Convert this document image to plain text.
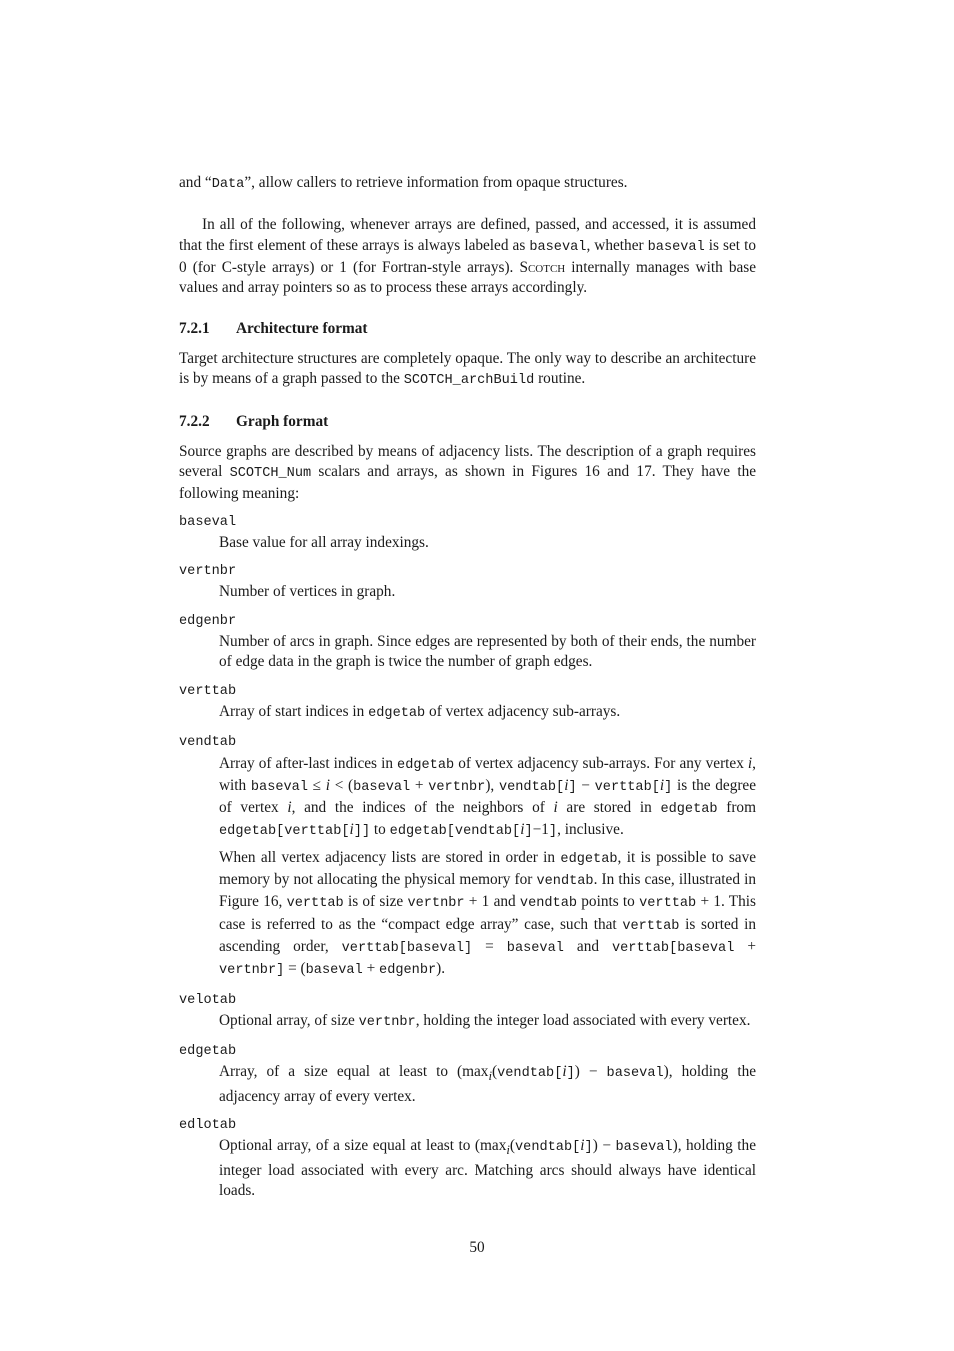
and “Data”, allow callers to retrieve information from opaque structures.

In all of the following, whenever arrays are defined, passed, and accessed, it is assumed that the first element of these arrays is always labeled as baseval, whether baseval is set to 0 (for C-style arrays) or 1 (for Fortran-style arrays). Scotch internally manages with base values and array pointers so as to process these arrays accordingly.

7.2.1 Architecture format

Target architecture structures are completely opaque. The only way to describe an architecture is by means of a graph passed to the SCOTCH_archBuild routine.

7.2.2 Graph format

Source graphs are described by means of adjacency lists. The description of a graph requires several SCOTCH_Num scalars and arrays, as shown in Figures 16 and 17. They have the following meaning:

baseval

Base value for all array indexings.

vertnbr

Number of vertices in graph.

edgenbr

Number of arcs in graph. Since edges are represented by both of their ends, the number of edge data in the graph is twice the number of graph edges.

verttab

Array of start indices in edgetab of vertex adjacency sub-arrays.

vendtab

Array of after-last indices in edgetab of vertex adjacency sub-arrays. For any vertex i, with baseval ≤ i < (baseval + vertnbr), vendtab[i] − verttab[i] is the degree of vertex i, and the indices of the neighbors of i are stored in edgetab from edgetab[verttab[i]] to edgetab[vendtab[i]−1], inclusive.

When all vertex adjacency lists are stored in order in edgetab, it is possible to save memory by not allocating the physical memory for vendtab. In this case, illustrated in Figure 16, verttab is of size vertnbr + 1 and vendtab points to verttab + 1. This case is referred to as the “compact edge array” case, such that verttab is sorted in ascending order, verttab[baseval] = baseval and verttab[baseval + vertnbr] = (baseval + edgenbr).

velotab

Optional array, of size vertnbr, holding the integer load associated with every vertex.

edgetab

Array, of a size equal at least to ($\max_i(vendtab[i])$ − baseval), holding the adjacency array of every vertex.

edlotab

Optional array, of a size equal at least to ($\max_i(vendtab[i])$ − baseval), holding the integer load associated with every arc. Matching arcs should always have identical loads.

50
